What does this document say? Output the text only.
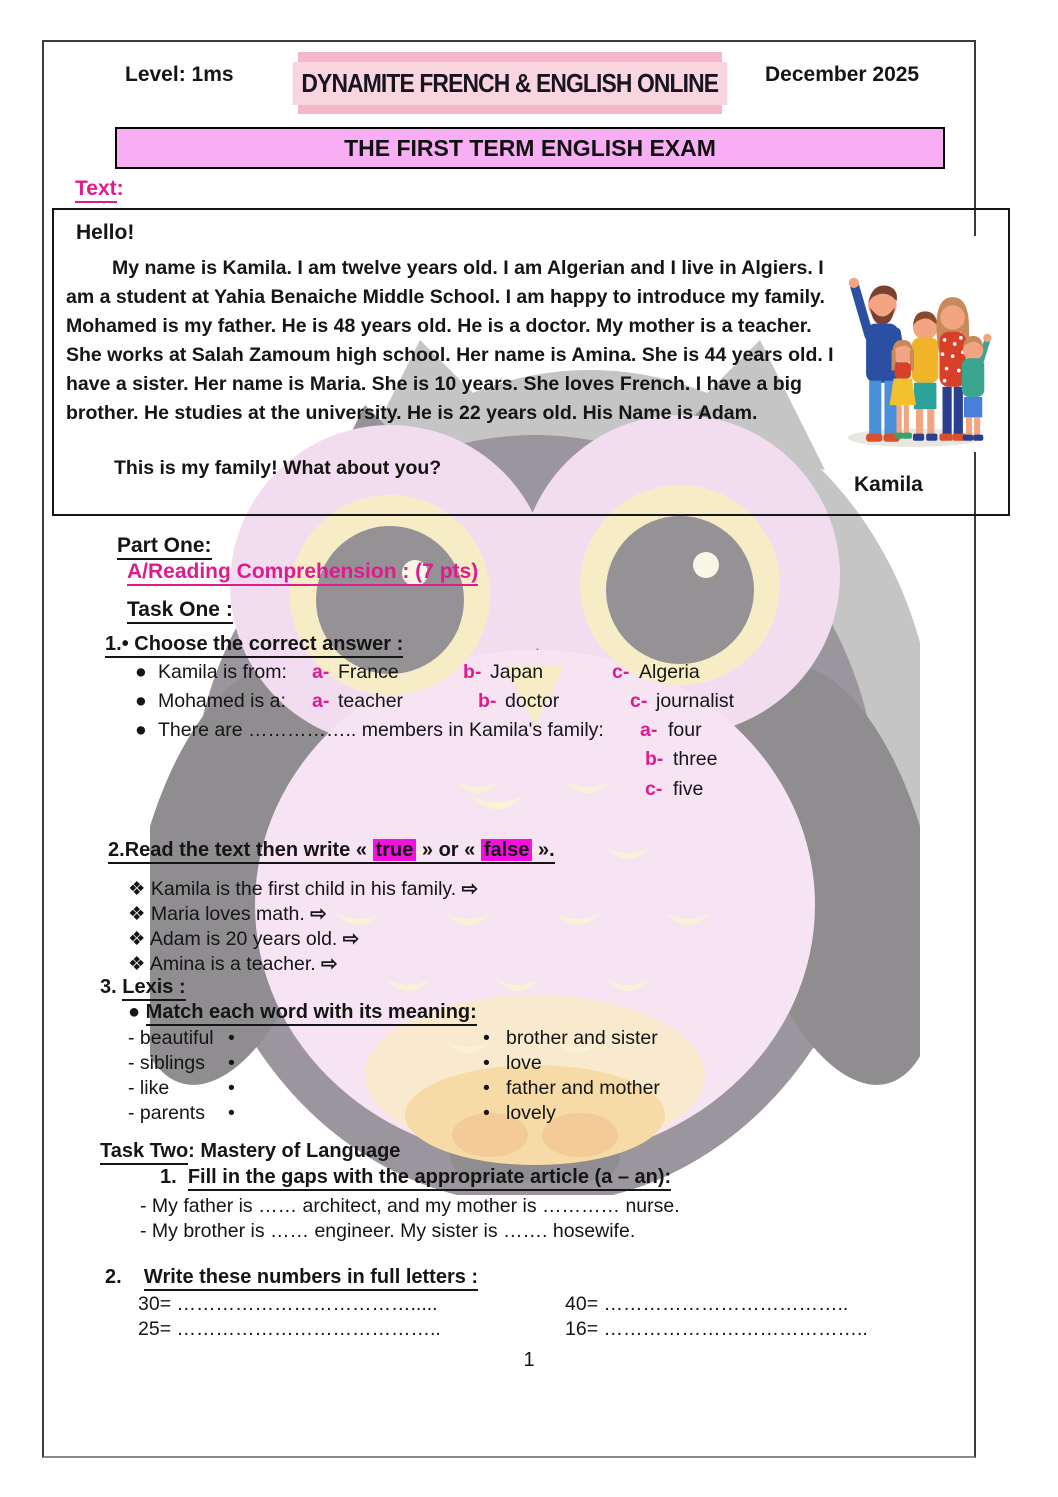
Level: 1ms	DYNAMITE FRENCH & ENGLISH ONLINE	December 2025
THE FIRST TERM ENGLISH EXAM
Text:
Hello!
My name is Kamila. I am twelve years old. I am Algerian and I live in Algiers. I am a student at Yahia Benaiche Middle School. I am happy to introduce my family. Mohamed is my father. He is 48 years old. He is a doctor. My mother is a teacher. She works at Salah Zamoum high school. Her name is Amina. She is 44 years old. I have a sister. Her name is Maria. She is 10 years. She loves French. I have a big brother. He studies at the university. He is 22 years old. His Name is Adam.
This is my family! What about you?
Kamila
Part One:
A/Reading Comprehension : (7 pts)
Task One :
1.• Choose the correct answer :
● Kamila is from: a- France	b- Japan	c- Algeria
● Mohamed is a: a- teacher	b- doctor	c- journalist
● There are …………….. members in Kamila's family: a- four
b- three
c- five
2.Read the text then write « true » or « false ».
❖ Kamila is the first child in his family. ⇨
❖ Maria loves math. ⇨
❖ Adam is 20 years old. ⇨
❖ Amina is a teacher. ⇨
3. Lexis :
● Match each word with its meaning:
- beautiful •	• brother and sister
- siblings •	• love
- like	•	• father and mother
- parents •	• lovely
Task Two: Mastery of Language
1. Fill in the gaps with the appropriate article (a – an):
- My father is …… architect, and my mother is ………… nurse.
- My brother is …… engineer. My sister is ……. hosewife.
2. Write these numbers in full letters :
30= ……………………………….....	40= ………………………………..
25= …………………………………..	16= …………………………………..
1
